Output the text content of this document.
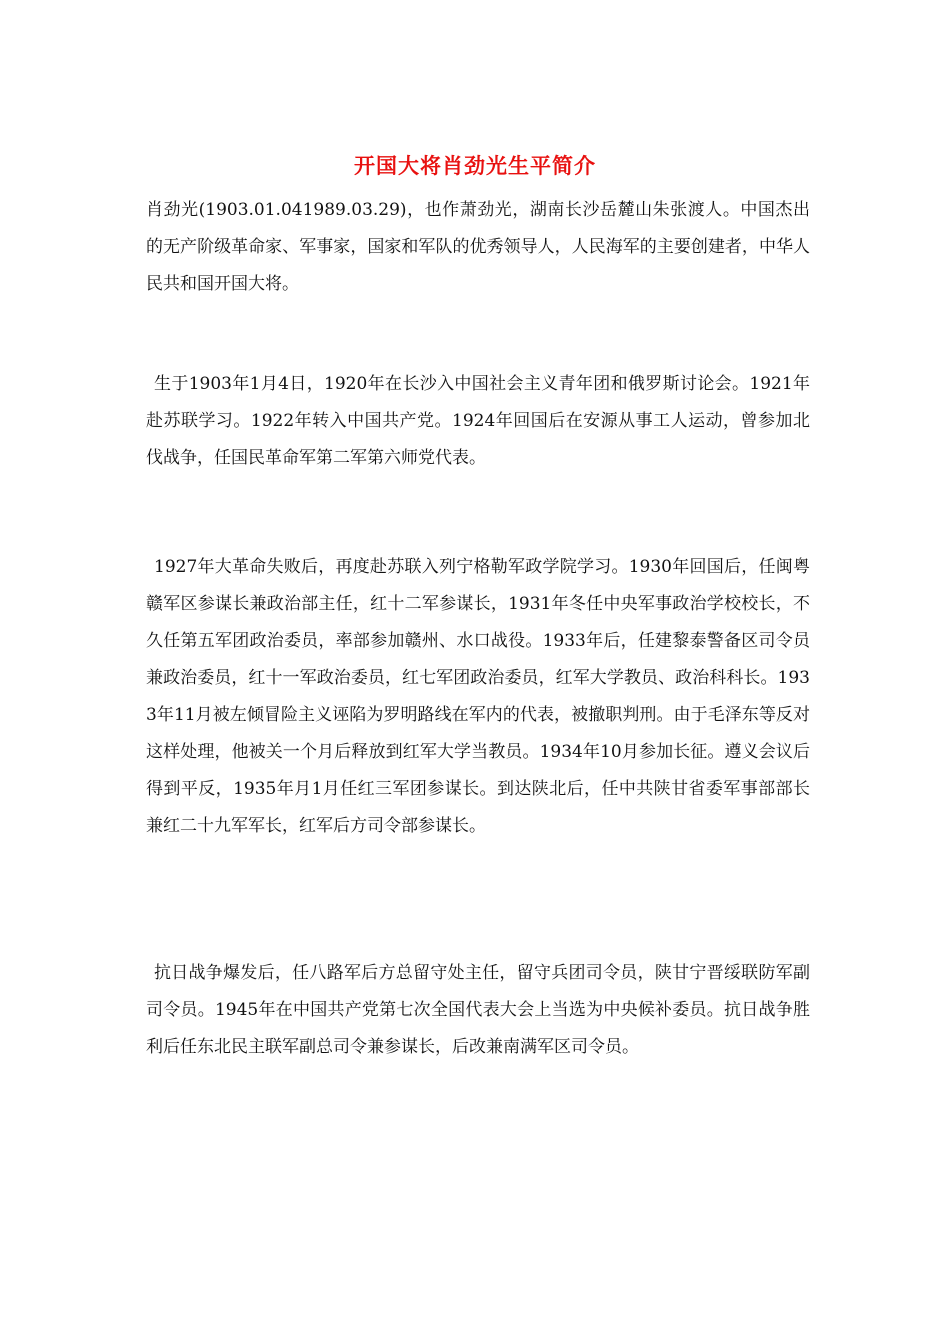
开国大将肖劲光生平简介

肖劲光(1903.01.041989.03.29)，也作萧劲光，湖南长沙岳麓山朱张渡人。中国杰出的无产阶级革命家、军事家，国家和军队的优秀领导人，人民海军的主要创建者，中华人民共和国开国大将。

生于1903年1月4日，1920年在长沙入中国社会主义青年团和俄罗斯讨论会。1921年赴苏联学习。1922年转入中国共产党。1924年回国后在安源从事工人运动，曾参加北伐战争，任国民革命军第二军第六师党代表。

1927年大革命失败后，再度赴苏联入列宁格勒军政学院学习。1930年回国后，任闽粤赣军区参谋长兼政治部主任，红十二军参谋长，1931年冬任中央军事政治学校校长，不久任第五军团政治委员，率部参加赣州、水口战役。1933年后，任建黎泰警备区司令员兼政治委员，红十一军政治委员，红七军团政治委员，红军大学教员、政治科科长。1933年11月被左倾冒险主义诬陷为罗明路线在军内的代表，被撤职判刑。由于毛泽东等反对这样处理，他被关一个月后释放到红军大学当教员。1934年10月参加长征。遵义会议后得到平反，1935年月1月任红三军团参谋长。到达陕北后，任中共陕甘省委军事部部长兼红二十九军军长，红军后方司令部参谋长。

抗日战争爆发后，任八路军后方总留守处主任，留守兵团司令员，陕甘宁晋绥联防军副司令员。1945年在中国共产党第七次全国代表大会上当选为中央候补委员。抗日战争胜利后任东北民主联军副总司令兼参谋长，后改兼南满军区司令员。
